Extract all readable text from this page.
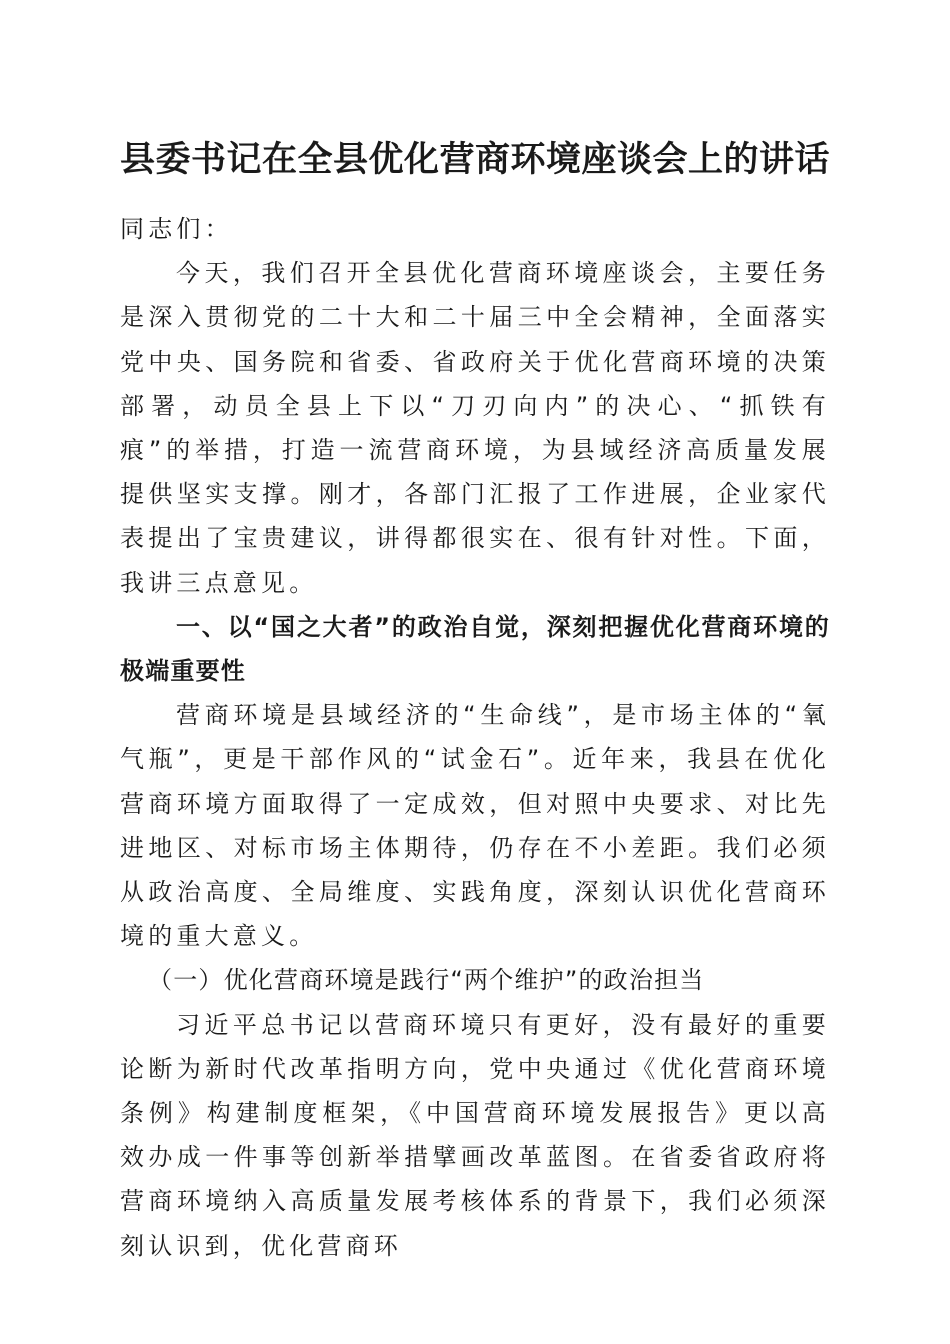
县委书记在全县优化营商环境座谈会上的讲话

同志们：

今天，我们召开全县优化营商环境座谈会，主要任务是深入贯彻党的二十大和二十届三中全会精神，全面落实党中央、国务院和省委、省政府关于优化营商环境的决策部署，动员全县上下以“刀刃向内”的决心、“抓铁有痕”的举措，打造一流营商环境，为县域经济高质量发展提供坚实支撑。刚才，各部门汇报了工作进展，企业家代表提出了宝贵建议，讲得都很实在、很有针对性。下面，我讲三点意见。

一、以“国之大者”的政治自觉，深刻把握优化营商环境的极端重要性

营商环境是县域经济的“生命线”，是市场主体的“氧气瓶”，更是干部作风的“试金石”。近年来，我县在优化营商环境方面取得了一定成效，但对照中央要求、对比先进地区、对标市场主体期待，仍存在不小差距。我们必须从政治高度、全局维度、实践角度，深刻认识优化营商环境的重大意义。

（一）优化营商环境是践行“两个维护”的政治担当

习近平总书记以营商环境只有更好，没有最好的重要论断为新时代改革指明方向，党中央通过《优化营商环境条例》构建制度框架，《中国营商环境发展报告》更以高效办成一件事等创新举措擘画改革蓝图。在省委省政府将营商环境纳入高质量发展考核体系的背景下，我们必须深刻认识到，优化营商环
